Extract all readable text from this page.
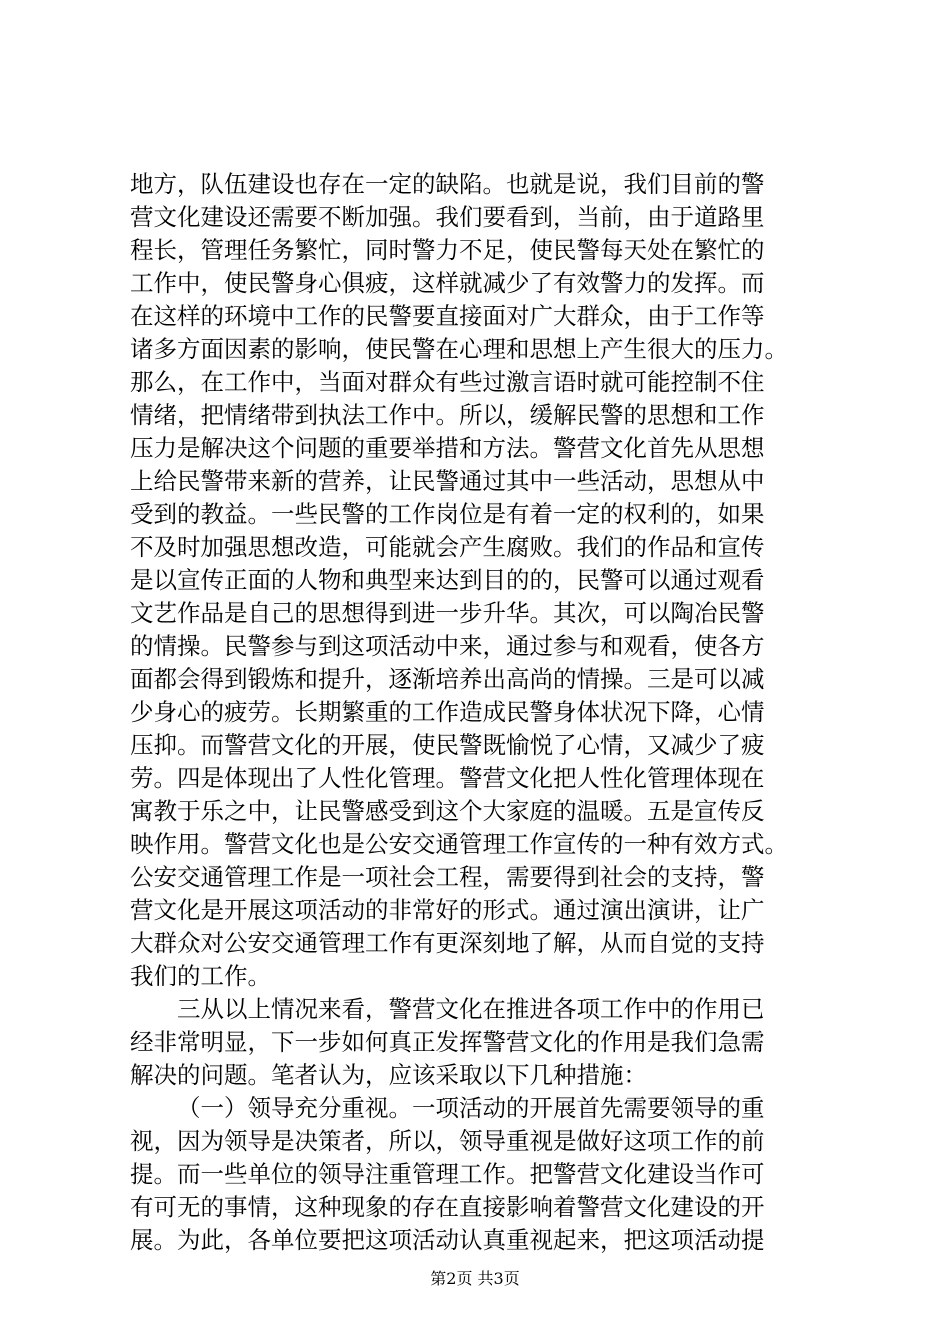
地方，队伍建设也存在一定的缺陷。也就是说，我们目前的警
营文化建设还需要不断加强。我们要看到，当前，由于道路里
程长，管理任务繁忙，同时警力不足，使民警每天处在繁忙的
工作中，使民警身心俱疲，这样就减少了有效警力的发挥。而
在这样的环境中工作的民警要直接面对广大群众，由于工作等
诸多方面因素的影响，使民警在心理和思想上产生很大的压力。
那么，在工作中，当面对群众有些过激言语时就可能控制不住
情绪，把情绪带到执法工作中。所以，缓解民警的思想和工作
压力是解决这个问题的重要举措和方法。警营文化首先从思想
上给民警带来新的营养，让民警通过其中一些活动，思想从中
受到的教益。一些民警的工作岗位是有着一定的权利的，如果
不及时加强思想改造，可能就会产生腐败。我们的作品和宣传
是以宣传正面的人物和典型来达到目的的，民警可以通过观看
文艺作品是自己的思想得到进一步升华。其次，可以陶冶民警
的情操。民警参与到这项活动中来，通过参与和观看，使各方
面都会得到锻炼和提升，逐渐培养出高尚的情操。三是可以减
少身心的疲劳。长期繁重的工作造成民警身体状况下降，心情
压抑。而警营文化的开展，使民警既愉悦了心情，又减少了疲
劳。四是体现出了人性化管理。警营文化把人性化管理体现在
寓教于乐之中，让民警感受到这个大家庭的温暖。五是宣传反
映作用。警营文化也是公安交通管理工作宣传的一种有效方式。
公安交通管理工作是一项社会工程，需要得到社会的支持，警
营文化是开展这项活动的非常好的形式。通过演出演讲，让广
大群众对公安交通管理工作有更深刻地了解，从而自觉的支持
我们的工作。
三从以上情况来看，警营文化在推进各项工作中的作用已
经非常明显，下一步如何真正发挥警营文化的作用是我们急需
解决的问题。笔者认为，应该采取以下几种措施：
（一）领导充分重视。一项活动的开展首先需要领导的重
视，因为领导是决策者，所以，领导重视是做好这项工作的前
提。而一些单位的领导注重管理工作。把警营文化建设当作可
有可无的事情，这种现象的存在直接影响着警营文化建设的开
展。为此，各单位要把这项活动认真重视起来，把这项活动提
第2页 共3页
